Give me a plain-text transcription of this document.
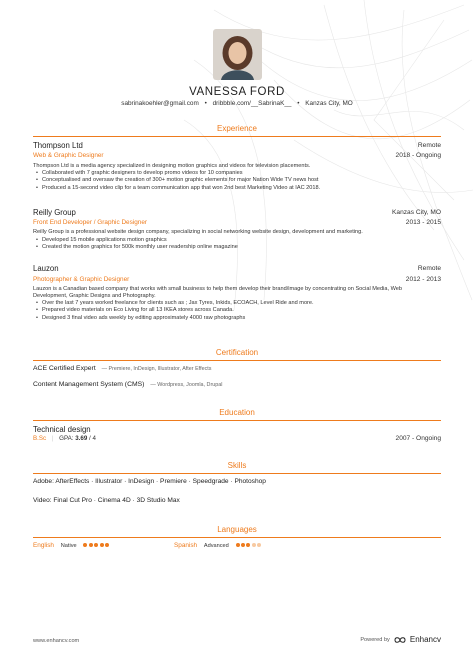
VANESSA FORD
sabrinakoehler@gmail.com • dribbble.com/__SabrinaK__ • Kanzas City, MO
Experience
Thompson Ltd	Remote
Web & Graphic Designer	2018 - Ongoing
Thompson Ltd is a media agency specialized in designing motion graphics and videos for television placements.
• Collaborated with 7 graphic designers to develop promo videos for 10 companies
• Conceptualised and oversaw the creation of 300+ motion graphic elements for major Nation Wide TV news host
• Produced a 15-second video clip for a team communication app that won 2nd best Marketing Video at IAC 2018.
Reilly Group	Kanzas City, MO
Front End Developer / Graphic Designer	2013 - 2015
Reilly Group is a professional website design company, specializing in social networking website design, development and marketing.
• Developed 15 mobile applications motion graphics
• Created the motion graphics for 500k monthly user readership online magazine
Lauzon	Remote
Photographer & Graphic Designer	2012 - 2013
Lauzon is a Canadian based company that works with small business to help them develop their brand/image by concentrating on Social Media, Web Development, Graphic Designs and Photography.
• Over the last 7 years worked freelance for clients such as ; Jax Tyres, Inkids, ECOACH, Level Ride and more.
• Prepared video materials on Eco Living for all 13 IKEA stores across Canada.
• Designed 3 final video ads weekly by editing approximately 4000 raw photographs
Certification
ACE Certified Expert — Premiere, InDesign, Illustrator, After Effects
Content Management System (CMS) — Wordpress, Joomla, Drupal
Education
Technical design
B.Sc | GPA: 3.69 / 4	2007 - Ongoing
Skills
Adobe: AfterEffects · Illustrator · InDesign · Premiere · Speedgrade · Photoshop
Video: Final Cut Pro · Cinema 4D · 3D Studio Max
Languages
English Native	Spanish Advanced
www.enhancv.com	Powered by	Enhancv
